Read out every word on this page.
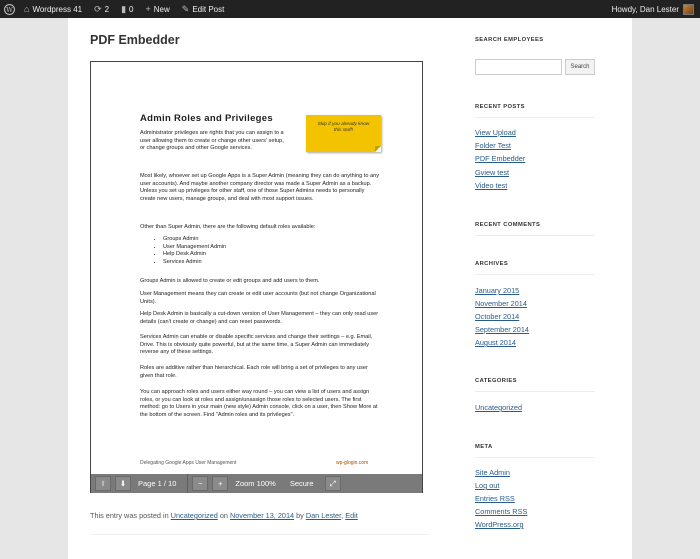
W ⌂ Wordpress 41 ⟳ 2 ▮ 0 + New ✎ Edit Post	Howdy, Dan Lester
PDF Embedder
Admin Roles and Privileges
Skip if you already know this stuff!

Administrator privileges are rights that you can assign to a user allowing them to create or change other users' setup, or change groups and other Google services.

Most likely, whoever set up Google Apps is a Super Admin (meaning they can do anything to any user accounts). And maybe another company director was made a Super Admin as a backup. Unless you set up privileges for other staff, one of those Super Admins needs to personally create new users, manage groups, and deal with most support issues.

Other than Super Admin, there are the following default roles available:

• Groups Admin
• User Management Admin
• Help Desk Admin
• Services Admin

Groups Admin is allowed to create or edit groups and add users to them.

User Management means they can create or edit user accounts (but not change Organizational Units).

Help Desk Admin is basically a cut-down version of User Management – they can only read user details (can't create or change) and can reset passwords.

Services Admin can enable or disable specific services and change their settings – e.g. Email, Drive. This is obviously quite powerful, but at the same time, a Super Admin can immediately reverse any of these settings.

Roles are additive rather than hierarchical. Each role will bring a set of privileges to any user given that role.

You can approach roles and users either way round – you can view a list of users and assign roles, or you can look at roles and assign/unassign those roles to selected users. The first method: go to Users in your main (new style) Admin console, click on a user, then Show More at the bottom of the screen. Find "Admin roles and its privileges".

Delegating Google Apps User Management	wp-glogin.com
⬆ ⬇ Page 1 / 10	− + Zoom 100% Secure ⤢
This entry was posted in Uncategorized on November 13, 2014 by Dan Lester, Edit
SEARCH EMPLOYEES
Search
RECENT POSTS
View Upload
Folder Test
PDF Embedder
Gview test
Video test
RECENT COMMENTS
ARCHIVES
January 2015
November 2014
October 2014
September 2014
August 2014
CATEGORIES
Uncategorized
META
Site Admin
Log out
Entries RSS
Comments RSS
WordPress.org
